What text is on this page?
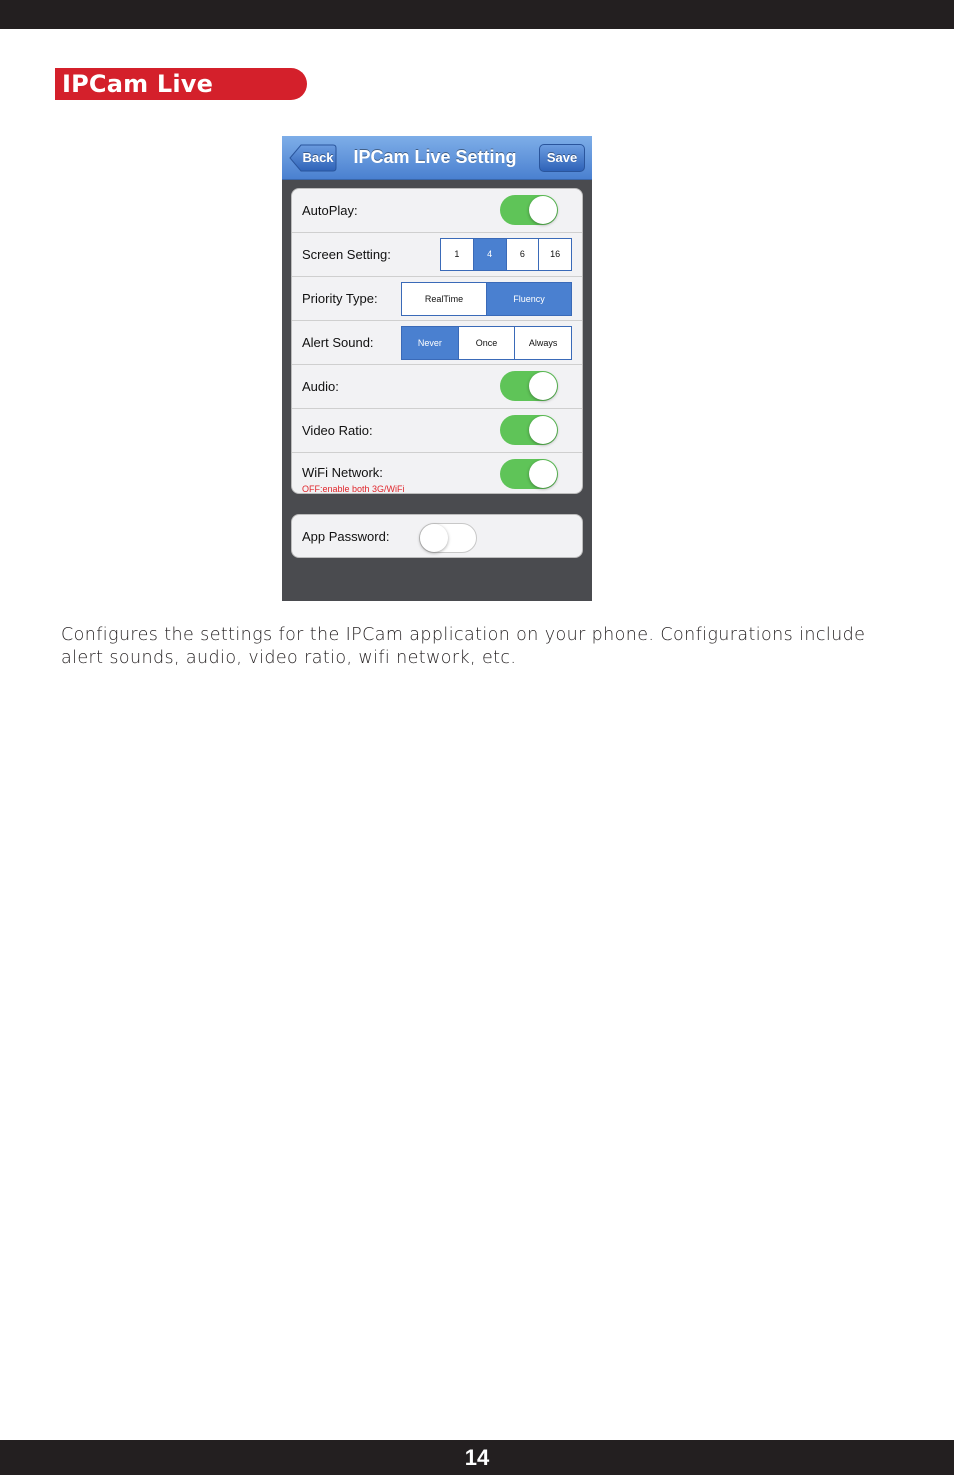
IPCam Live Setting
Back	IPCam Live Setting	Save
AutoPlay:
Screen Setting:	1	4	6	16
Priority Type:	RealTime	Fluency
Alert Sound:	Never	Once	Always
Audio:
Video Ratio:
WiFi Network:
OFF:enable both 3G/WiFi
App Password:
Configures the settings for the IPCam application on your phone. Configurations include alert sounds, audio, video ratio, wifi network, etc.
14
